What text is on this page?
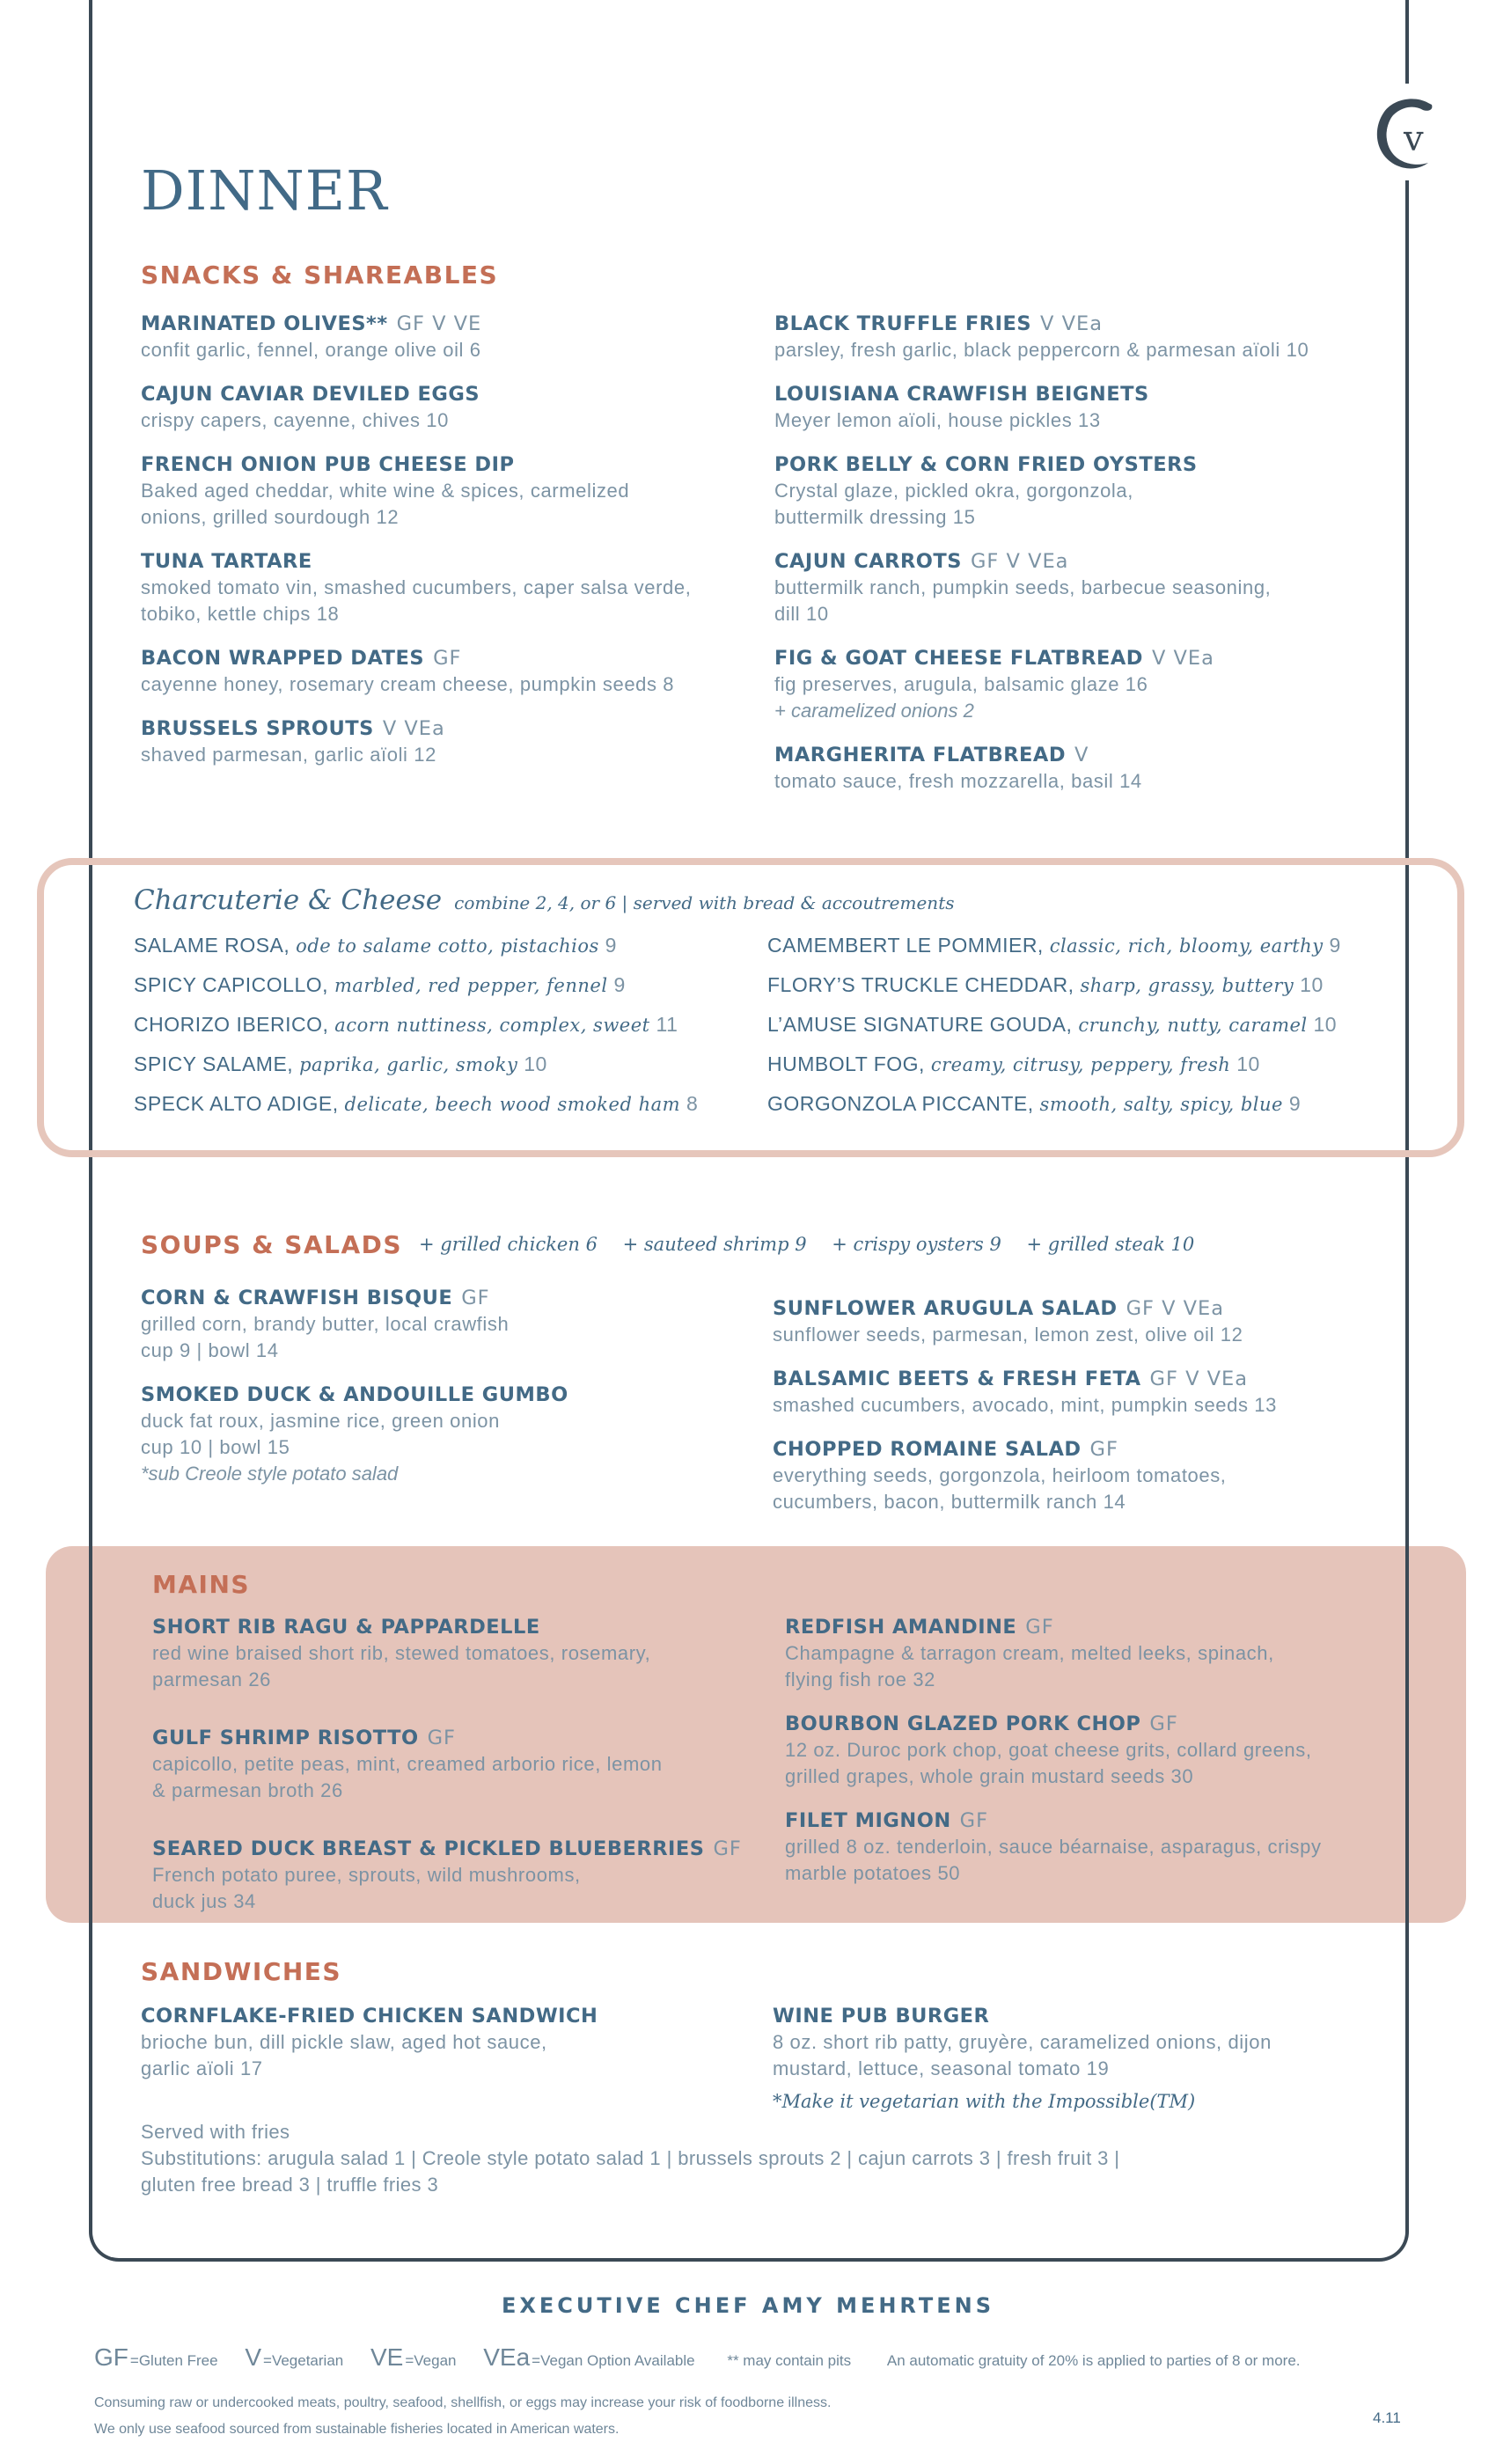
v
DINNER
SNACKS & SHAREABLES
MARINATED OLIVES** GF V VE
confit garlic, fennel, orange olive oil 6
CAJUN CAVIAR DEVILED EGGS
crispy capers, cayenne, chives 10
FRENCH ONION PUB CHEESE DIP
Baked aged cheddar, white wine & spices, carmelized
onions, grilled sourdough 12
TUNA TARTARE
smoked tomato vin, smashed cucumbers, caper salsa verde,
tobiko, kettle chips 18
BACON WRAPPED DATES GF
cayenne honey, rosemary cream cheese, pumpkin seeds 8
BRUSSELS SPROUTS V VEa
shaved parmesan, garlic aïoli 12
BLACK TRUFFLE FRIES V VEa
parsley, fresh garlic, black peppercorn & parmesan aïoli 10
LOUISIANA CRAWFISH BEIGNETS
Meyer lemon aïoli, house pickles 13
PORK BELLY & CORN FRIED OYSTERS
Crystal glaze, pickled okra, gorgonzola,
buttermilk dressing 15
CAJUN CARROTS GF V VEa
buttermilk ranch, pumpkin seeds, barbecue seasoning,
dill 10
FIG & GOAT CHEESE FLATBREAD V VEa
fig preserves, arugula, balsamic glaze 16
+ caramelized onions 2
MARGHERITA FLATBREAD V
tomato sauce, fresh mozzarella, basil 14
Charcuterie & Cheese combine 2, 4, or 6 | served with bread & accoutrements
SALAME ROSA, ode to salame cotto, pistachios 9
SPICY CAPICOLLO, marbled, red pepper, fennel 9
CHORIZO IBERICO, acorn nuttiness, complex, sweet 11
SPICY SALAME, paprika, garlic, smoky 10
SPECK ALTO ADIGE, delicate, beech wood smoked ham 8
CAMEMBERT LE POMMIER, classic, rich, bloomy, earthy 9
FLORY’S TRUCKLE CHEDDAR, sharp, grassy, buttery 10
L’AMUSE SIGNATURE GOUDA, crunchy, nutty, caramel 10
HUMBOLT FOG, creamy, citrusy, peppery, fresh 10
GORGONZOLA PICCANTE, smooth, salty, spicy, blue 9
SOUPS & SALADS + grilled chicken 6 + sauteed shrimp 9 + crispy oysters 9 + grilled steak 10
CORN & CRAWFISH BISQUE GF
grilled corn, brandy butter, local crawfish
cup 9 | bowl 14
SMOKED DUCK & ANDOUILLE GUMBO
duck fat roux, jasmine rice, green onion
cup 10 | bowl 15
*sub Creole style potato salad
SUNFLOWER ARUGULA SALAD GF V VEa
sunflower seeds, parmesan, lemon zest, olive oil 12
BALSAMIC BEETS & FRESH FETA GF V VEa
smashed cucumbers, avocado, mint, pumpkin seeds 13
CHOPPED ROMAINE SALAD GF
everything seeds, gorgonzola, heirloom tomatoes,
cucumbers, bacon, buttermilk ranch 14
MAINS
SHORT RIB RAGU & PAPPARDELLE
red wine braised short rib, stewed tomatoes, rosemary,
parmesan 26
GULF SHRIMP RISOTTO GF
capicollo, petite peas, mint, creamed arborio rice, lemon
& parmesan broth 26
SEARED DUCK BREAST & PICKLED BLUEBERRIES GF
French potato puree, sprouts, wild mushrooms,
duck jus 34
REDFISH AMANDINE GF
Champagne & tarragon cream, melted leeks, spinach,
flying fish roe 32
BOURBON GLAZED PORK CHOP GF
12 oz. Duroc pork chop, goat cheese grits, collard greens,
grilled grapes, whole grain mustard seeds 30
FILET MIGNON GF
grilled 8 oz. tenderloin, sauce béarnaise, asparagus, crispy
marble potatoes 50
SANDWICHES
CORNFLAKE-FRIED CHICKEN SANDWICH
brioche bun, dill pickle slaw, aged hot sauce,
garlic aïoli 17
WINE PUB BURGER
8 oz. short rib patty, gruyère, caramelized onions, dijon
mustard, lettuce, seasonal tomato 19
*Make it vegetarian with the Impossible(TM)
Served with fries
Substitutions: arugula salad 1 | Creole style potato salad 1 | brussels sprouts 2 | cajun carrots 3 | fresh fruit 3 |
gluten free bread 3 | truffle fries 3
EXECUTIVE CHEF AMY MEHRTENS
GF =Gluten Free V =Vegetarian VE =Vegan VEa =Vegan Option Available ** may contain pits An automatic gratuity of 20% is applied to parties of 8 or more.
Consuming raw or undercooked meats, poultry, seafood, shellfish, or eggs may increase your risk of foodborne illness.
We only use seafood sourced from sustainable fisheries located in American waters.
4.11
